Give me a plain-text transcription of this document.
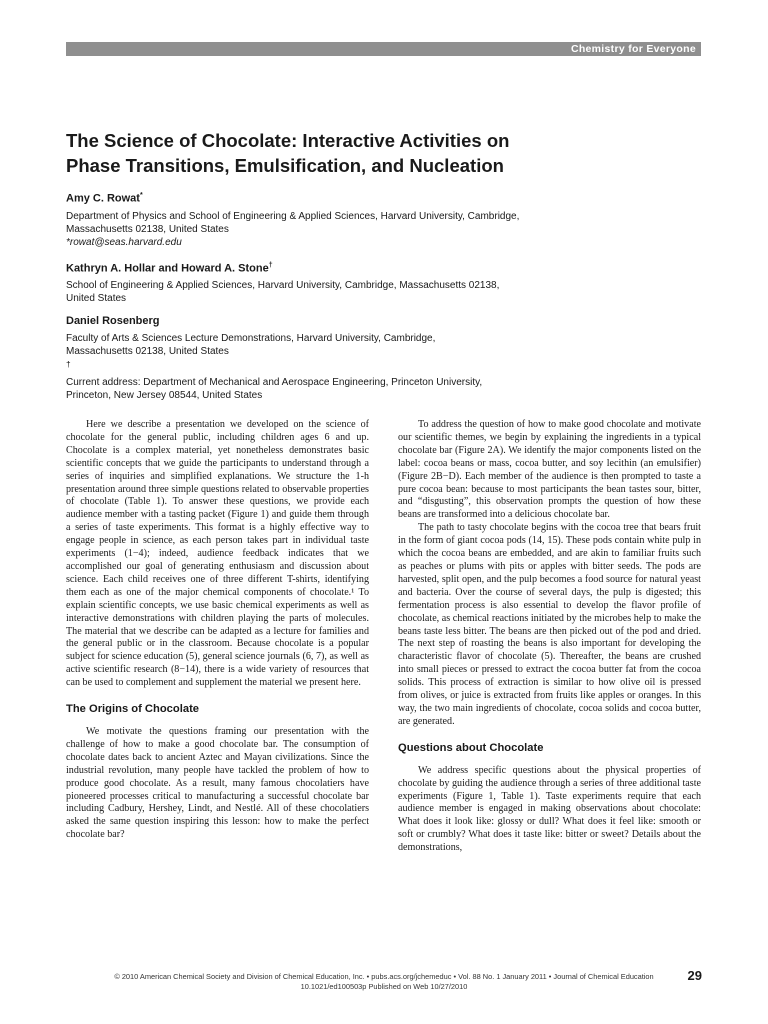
Chemistry for Everyone
The Science of Chocolate: Interactive Activities on
Phase Transitions, Emulsification, and Nucleation
Amy C. Rowat*
Department of Physics and School of Engineering & Applied Sciences, Harvard University, Cambridge,
Massachusetts 02138, United States
*rowat@seas.harvard.edu
Kathryn A. Hollar and Howard A. Stone†
School of Engineering & Applied Sciences, Harvard University, Cambridge, Massachusetts 02138,
United States
Daniel Rosenberg
Faculty of Arts & Sciences Lecture Demonstrations, Harvard University, Cambridge,
Massachusetts 02138, United States
†
Current address: Department of Mechanical and Aerospace Engineering, Princeton University,
Princeton, New Jersey 08544, United States

Here we describe a presentation we developed on the science of chocolate for the general public, including children ages 6 and up. Chocolate is a complex material, yet nonetheless demonstrates basic scientific concepts that we guide the participants to understand through a series of inquiries and simplified explanations. We structure the 1-h presentation around three simple questions related to observable properties of chocolate (Table 1). To answer these questions, we provide each audience member with a tasting packet (Figure 1) and guide them through a series of taste experiments. This format is a highly effective way to engage people in science, as each person takes part in individual taste experiments (1−4); indeed, audience feedback indicates that we accomplished our goal of generating enthusiasm and discussion about science. Each child receives one of three different T-shirts, identifying them each as one of the major chemical components of chocolate.¹ To explain scientific concepts, we use basic chemical experiments as well as interactive demonstrations with children playing the parts of molecules. The material that we describe can be adapted as a lecture for families and the general public or in the classroom. Because chocolate is a popular subject for science education (5), general science journals (6, 7), as well as active scientific research (8−14), there is a wide variety of resources that can be used to complement and supplement the material we present here.

The Origins of Chocolate

We motivate the questions framing our presentation with the challenge of how to make a good chocolate bar. The consumption of chocolate dates back to ancient Aztec and Mayan civilizations. Since the industrial revolution, many people have tackled the problem of how to produce good chocolate. As a result, many famous chocolatiers have pioneered processes critical to manufacturing a successful chocolate bar including Cadbury, Hershey, Lindt, and Nestlé. All of these chocolatiers asked the same question inspiring this lesson: how to make the perfect chocolate bar?

To address the question of how to make good chocolate and motivate our scientific themes, we begin by explaining the ingredients in a typical chocolate bar (Figure 2A). We identify the major components listed on the label: cocoa beans or mass, cocoa butter, and soy lecithin (an emulsifier) (Figure 2B−D). Each member of the audience is then prompted to taste a pure cocoa bean: because to most participants the bean tastes sour, bitter, and “disgusting”, this observation prompts the question of how these beans are transformed into a delicious chocolate bar.

The path to tasty chocolate begins with the cocoa tree that bears fruit in the form of giant cocoa pods (14, 15). These pods contain white pulp in which the cocoa beans are embedded, and are akin to familiar fruits such as peaches or plums with pits or apples with bitter seeds. The pods are harvested, split open, and the pulp becomes a food source for natural yeast and bacteria. Over the course of several days, the pulp is digested; this fermentation process is also essential to develop the flavor profile of chocolate, as chemical reactions initiated by the microbes help to make the beans taste less bitter. The beans are then picked out of the pod and dried. The next step of roasting the beans is also important for developing the characteristic flavor of chocolate (5). Thereafter, the beans are crushed into small pieces or pressed to extract the cocoa butter fat from the cocoa solids. This process of extraction is similar to how olive oil is pressed from olives, or juice is extracted from fruits like apples or oranges. In this way, the two main ingredients of chocolate, cocoa solids and cocoa butter, are generated.

Questions about Chocolate

We address specific questions about the physical properties of chocolate by guiding the audience through a series of three additional taste experiments (Figure 1, Table 1). Taste experiments require that each audience member is engaged in making observations about chocolate: What does it look like: glossy or dull? What does it feel like: smooth or soft or crumbly? What does it taste like: bitter or sweet? Details about the demonstrations,

© 2010 American Chemical Society and Division of Chemical Education, Inc. • pubs.acs.org/jchemeduc • Vol. 88 No. 1 January 2011 • Journal of Chemical Education
10.1021/ed100503p Published on Web 10/27/2010
29
